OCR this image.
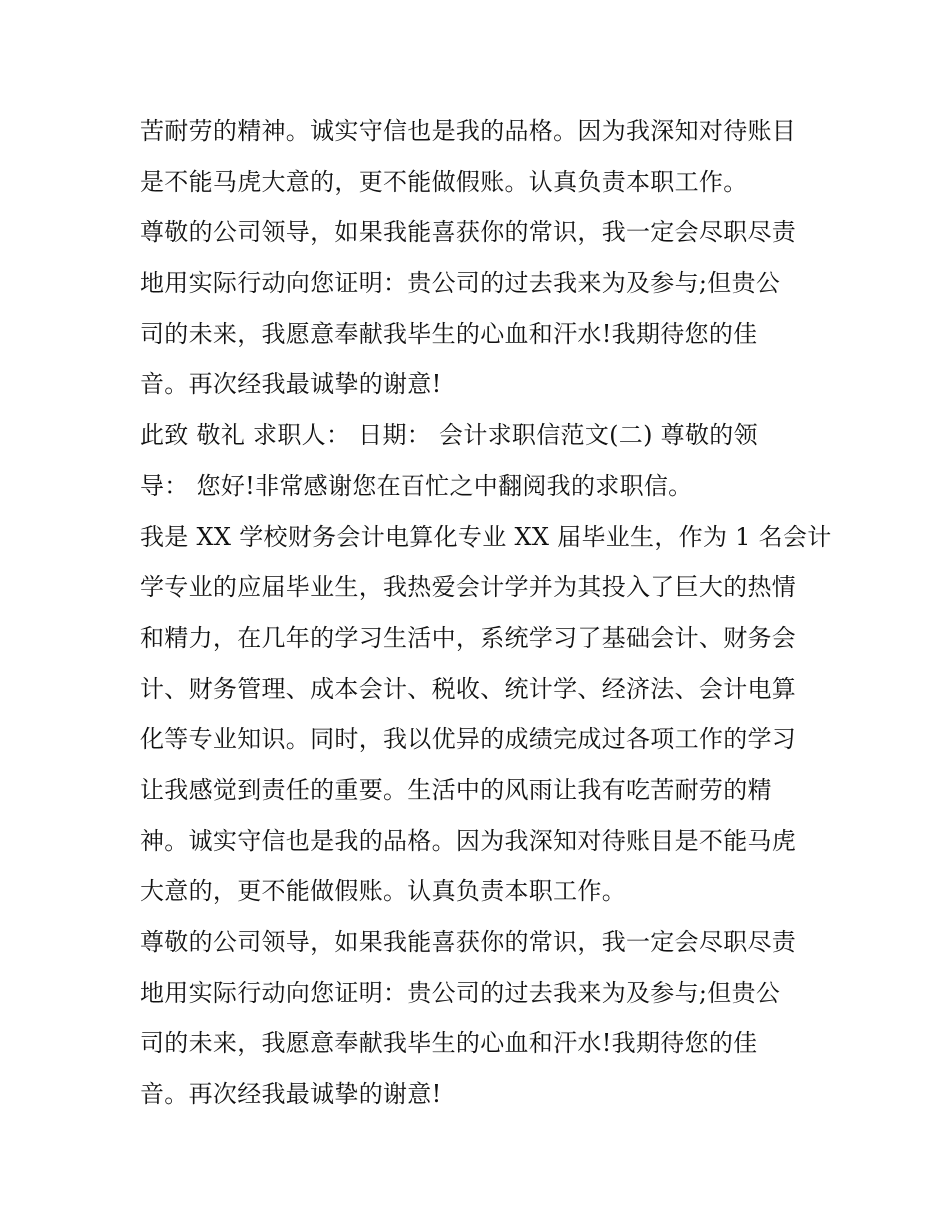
苦耐劳的精神。诚实守信也是我的品格。因为我深知对待账目
是不能马虎大意的，更不能做假账。认真负责本职工作。
尊敬的公司领导，如果我能喜获你的常识，我一定会尽职尽责
地用实际行动向您证明：贵公司的过去我来为及参与;但贵公
司的未来，我愿意奉献我毕生的心血和汗水!我期待您的佳
音。再次经我最诚挚的谢意!
此致 敬礼 求职人： 日期： 会计求职信范文(二) 尊敬的领
导： 您好!非常感谢您在百忙之中翻阅我的求职信。
我是 XX 学校财务会计电算化专业 XX 届毕业生，作为 1 名会计
学专业的应届毕业生，我热爱会计学并为其投入了巨大的热情
和精力，在几年的学习生活中，系统学习了基础会计、财务会
计、财务管理、成本会计、税收、统计学、经济法、会计电算
化等专业知识。同时，我以优异的成绩完成过各项工作的学习
让我感觉到责任的重要。生活中的风雨让我有吃苦耐劳的精
神。诚实守信也是我的品格。因为我深知对待账目是不能马虎
大意的，更不能做假账。认真负责本职工作。
尊敬的公司领导，如果我能喜获你的常识，我一定会尽职尽责
地用实际行动向您证明：贵公司的过去我来为及参与;但贵公
司的未来，我愿意奉献我毕生的心血和汗水!我期待您的佳
音。再次经我最诚挚的谢意!
